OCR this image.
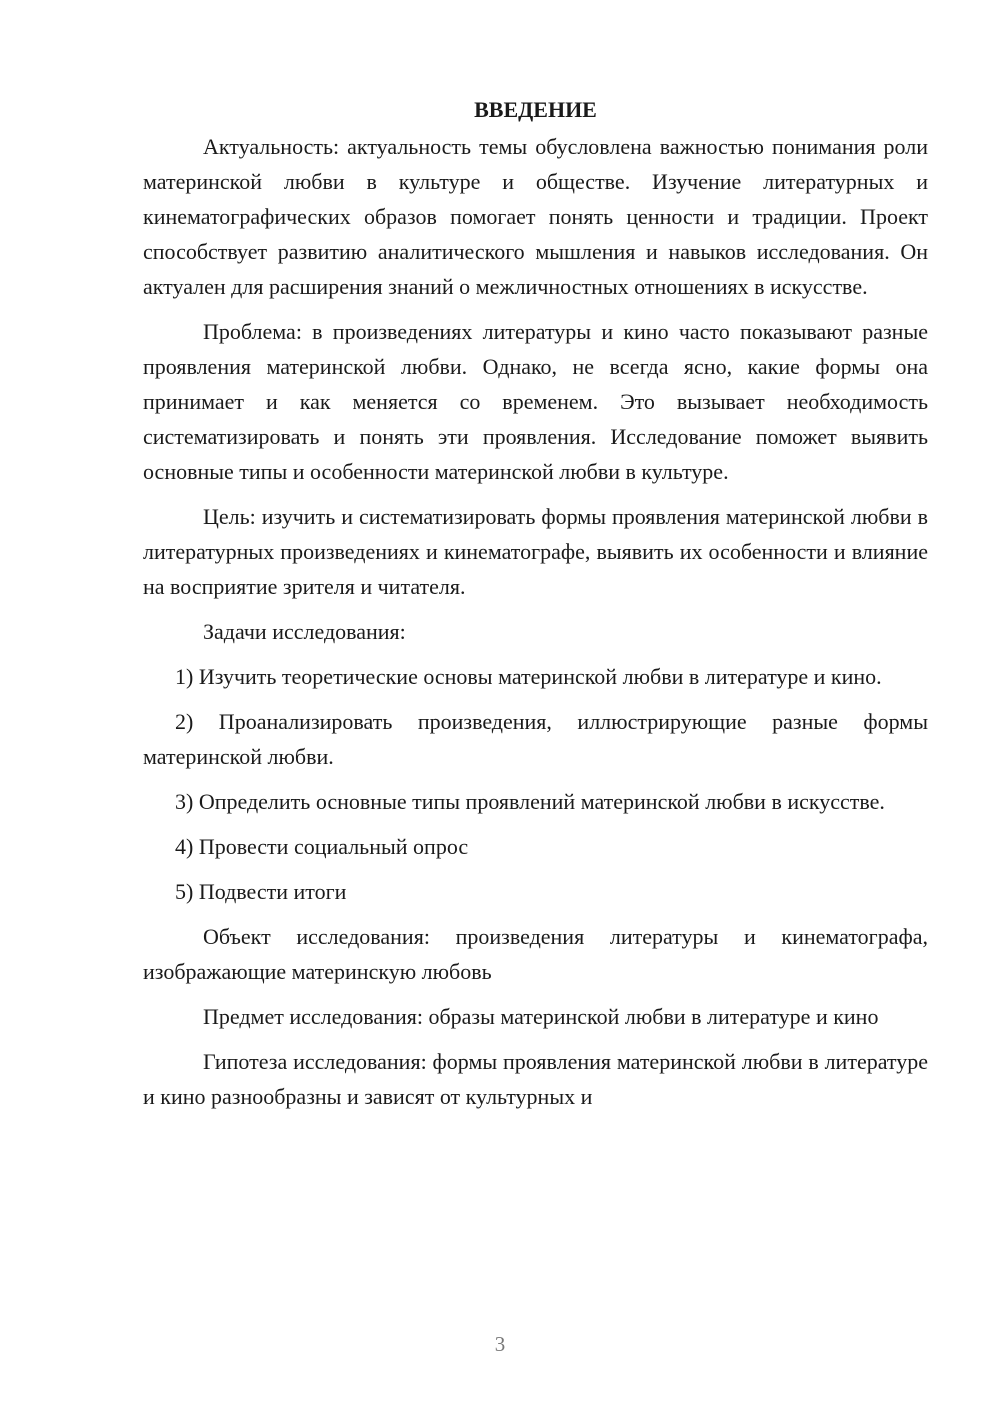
ВВЕДЕНИЕ

Актуальность: актуальность темы обусловлена важностью понимания роли материнской любви в культуре и обществе. Изучение литературных и кинематографических образов помогает понять ценности и традиции. Проект способствует развитию аналитического мышления и навыков исследования. Он актуален для расширения знаний о межличностных отношениях в искусстве.

Проблема: в произведениях литературы и кино часто показывают разные проявления материнской любви. Однако, не всегда ясно, какие формы она принимает и как меняется со временем. Это вызывает необходимость систематизировать и понять эти проявления. Исследование поможет выявить основные типы и особенности материнской любви в культуре.

Цель: изучить и систематизировать формы проявления материнской любви в литературных произведениях и кинематографе, выявить их особенности и влияние на восприятие зрителя и читателя.

Задачи исследования:

1) Изучить теоретические основы материнской любви в литературе и кино.

2) Проанализировать произведения, иллюстрирующие разные формы материнской любви.

3) Определить основные типы проявлений материнской любви в искусстве.

4) Провести социальный опрос

5) Подвести итоги

Объект исследования: произведения литературы и кинематографа, изображающие материнскую любовь

Предмет исследования: образы материнской любви в литературе и кино

Гипотеза исследования: формы проявления материнской любви в литературе и кино разнообразны и зависят от культурных и

3
